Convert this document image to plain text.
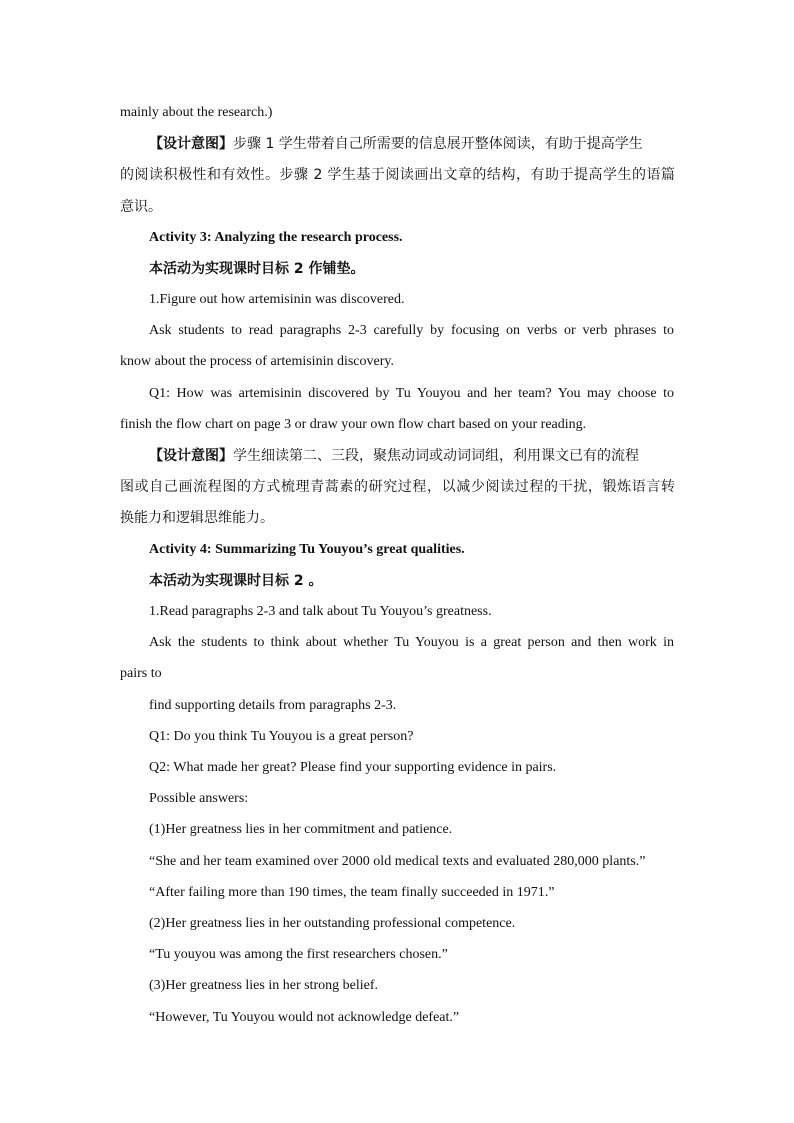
mainly about the research.)
【设计意图】步骤 1 学生带着自己所需要的信息展开整体阅读，有助于提高学生
的阅读积极性和有效性。步骤 2 学生基于阅读画出文章的结构，有助于提高学生的语篇
意识。
Activity 3: Analyzing the research process.
本活动为实现课时目标 2 作铺垫。
1.Figure out how artemisinin was discovered.
Ask students to read paragraphs 2-3 carefully by focusing on verbs or verb phrases to
know about the process of artemisinin discovery.
Q1: How was artemisinin discovered by Tu Youyou and her team? You may choose to
finish the flow chart on page 3 or draw your own flow chart based on your reading.
【设计意图】学生细读第二、三段，聚焦动词或动词词组，利用课文已有的流程
图或自己画流程图的方式梳理青蒿素的研究过程，以减少阅读过程的干扰，锻炼语言转
换能力和逻辑思维能力。
Activity 4: Summarizing Tu Youyou’s great qualities.
本活动为实现课时目标 2 。
1.Read paragraphs 2-3 and talk about Tu Youyou’s greatness.
Ask the students to think about whether Tu Youyou is a great person and then work in
pairs to
find supporting details from paragraphs 2-3.
Q1: Do you think Tu Youyou is a great person?
Q2: What made her great? Please find your supporting evidence in pairs.
Possible answers:
(1)Her greatness lies in her commitment and patience.
“She and her team examined over 2000 old medical texts and evaluated 280,000 plants.”
“After failing more than 190 times, the team finally succeeded in 1971.”
(2)Her greatness lies in her outstanding professional competence.
“Tu youyou was among the first researchers chosen.”
(3)Her greatness lies in her strong belief.
“However, Tu Youyou would not acknowledge defeat.”
